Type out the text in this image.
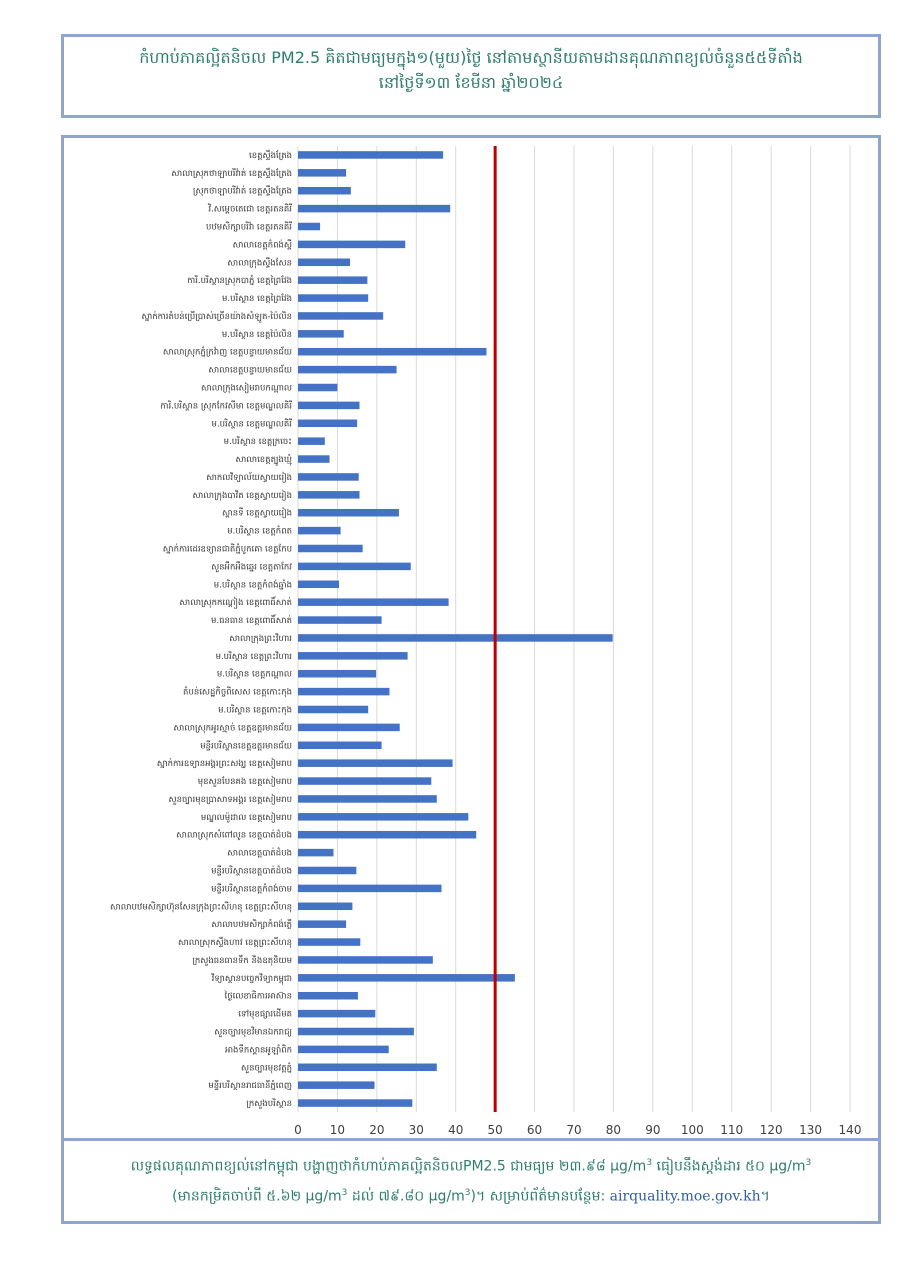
កំហាប់ភាគល្អិតនិចល PM2.5 គិតជាមធ្យមក្នុង១(មួយ)ថ្ងៃ នៅតាមស្ថានីយតាមដានគុណភាពខ្យល់ចំនួន៥៥ទីតាំង
នៅថ្ងៃទី១៣ ខែមីនា ឆ្នាំ២០២៤
ខេត្តស្ទឹងត្រែង
សាលាស្រុកថាឡាបរិវ៉ាត់ ខេត្តស្ទឹងត្រែង
ស្រុកថាឡាបរិវ៉ាត់ ខេត្តស្ទឹងត្រែង
វិ.សម្តេចតេជោ ខេត្តរតនគិរី
បឋមសិក្សាបរិវ៉ា ខេត្តរតនគិរី
សាលាខេត្តកំពង់ស្ពឺ
សាលាក្រុងស្ទឹងសែន
ការិ.បរិស្ថានស្រុកបាភ្នំ ខេត្តព្រៃវែង
ម.បរិស្ថាន ខេត្តព្រៃវែង
ស្នាក់ការតំបន់ប្រើប្រាស់ច្រើនយ៉ាងសំឡូត-ប៉ៃលិន
ម.បរិស្ថាន ខេត្តប៉ៃលិន
សាលាស្រុកភ្នំក្រវ៉ាញ ខេត្តបន្ទាយមានជ័យ
សាលាខេត្តបន្ទាយមានជ័យ
សាលាក្រុងសៀមរាបកណ្ដាល
ការិ.បរិស្ថាន ស្រុកកែវសីមា ខេត្តមណ្ឌលគិរី
ម.បរិស្ថាន ខេត្តមណ្ឌលគិរី
ម.បរិស្ថាន ខេត្តក្រចេះ
សាលាខេត្តត្បូងឃ្មុំ
សាកលវិទ្យាល័យស្វាយរៀង
សាលាក្រុងបាវិត ខេត្តស្វាយរៀង
ស្ពានទី ខេត្តស្វាយរៀង
ម.បរិស្ថាន ខេត្តកំពត
ស្នាក់ការដេរឧទ្យានជាតិភ្នំបូកគោ ខេត្តកែប
សួនអឹកអឹងឆ្នេរ ខេត្តតាកែវ
ម.បរិស្ថាន ខេត្តកំពង់ឆ្នាំង
សាលាស្រុកកណ្តៀង ខេត្តពោធិ៍សាត់
ម.ធនធាន ខេត្តពោធិ៍សាត់
សាលាក្រុងព្រះវិហារ
ម.បរិស្ថាន ខេត្តព្រះវិហារ
ម.បរិស្ថាន ខេត្តកណ្តាល
តំបន់សេដ្ឋកិច្ចពិសេស ខេត្តកោះកុង
ម.បរិស្ថាន ខេត្តកោះកុង
សាលាស្រុកអូរស្មាច់ ខេត្តឧត្តរមានជ័យ
មន្ទីរបរិស្ថានខេត្តឧត្តរមានជ័យ
ស្នាក់ការឧទ្យានអង្គរព្រះសង្ឃ ខេត្តសៀមរាប
មុខសួនបែនគង ខេត្តសៀមរាប
សួនច្បារមុខប្រាសាទអង្គរ ខេត្តសៀមរាប
មណ្ឌលម៉ូដាល ខេត្តសៀមរាប
សាលាស្រុកសំពៅលូន ខេត្តបាត់ដំបង
សាលាខេត្តបាត់ដំបង
មន្ទីរបរិស្ថានខេត្តបាត់ដំបង
មន្ទីរបរិស្ថានខេត្តកំពង់ចាម
សាលាបឋមសិក្សាហ៊ុនសែនក្រុងព្រះសីហនុ ខេត្តព្រះសីហនុ
សាលាបឋមសិក្សាកំពង់ភ្លើ
សាលាស្រុកស្ទឹងហាវ ខេត្តព្រះសីហនុ
ក្រសួងធនធានទឹក និងឧតុនិយម
វិទ្យាស្ថានបច្ចេកវិទ្យាកម្ពុជា
ថ្ងៃលេខាធិការអាស៊ាន
ទៅមុខផ្សារដើមគ
សួនច្បារមុខវិមានឯករាជ្យ
អាងទឹកស្ពានអូឡាំពិក
សួនច្បារមុខវត្តភ្នំ
មន្ទីរបរិស្ថានរាជធានីភ្នំពេញ
ក្រសួងបរិស្ថាន
0 10 20 30 40 50 60 70 80 90 100 110 120 130 140
លទ្ធផលគុណភាពខ្យល់នៅកម្ពុជា បង្ហាញថាកំហាប់ភាគល្អិតនិចលPM2.5 ជាមធ្យម ២៣.៩៨ $\mu g/m^3$ ធៀបនឹងស្តង់ដារ ៥០ $\mu g/m^3$
(មានកម្រិតចាប់ពី ៥.៦២ $\mu g/m^3$ ដល់ ៧៩.៨០ $\mu g/m^3$)។ សម្រាប់ព័ត៌មានបន្ថែម: airquality.moe.gov.kh។
